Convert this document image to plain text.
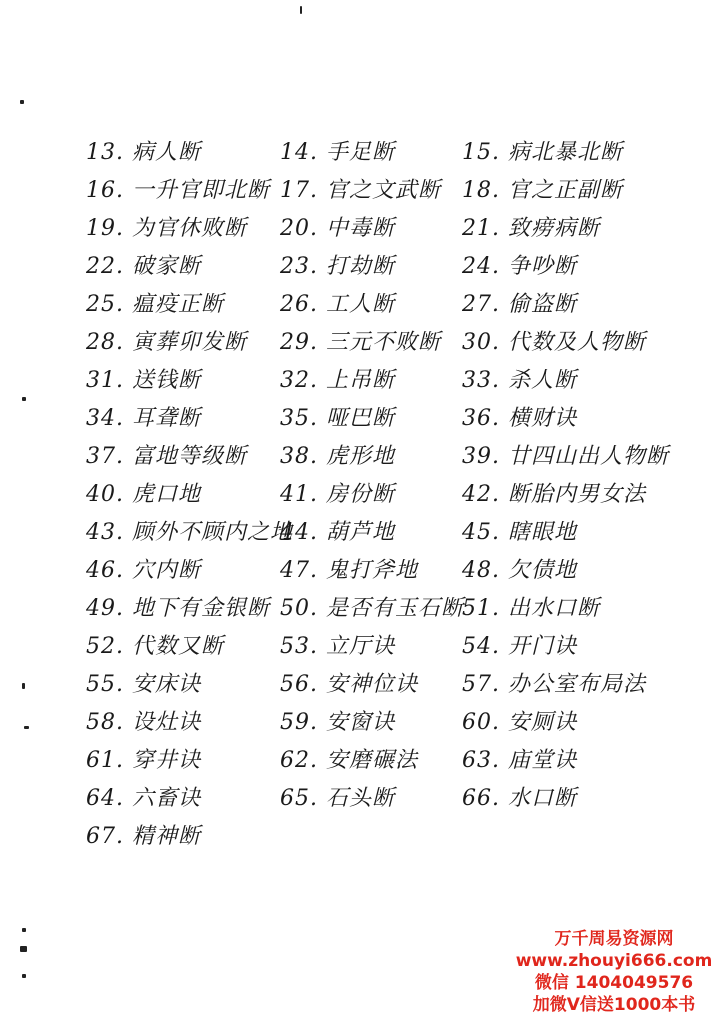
13. 病人断
16. 一升官即北断
19. 为官休败断
22. 破家断
25. 瘟疫正断
28. 寅葬卯发断
31. 送钱断
34. 耳聋断
37. 富地等级断
40. 虎口地
43. 顾外不顾内之地
46. 穴内断
49. 地下有金银断
52. 代数又断
55. 安床诀
58. 设灶诀
61. 穿井诀
64. 六畜诀
67. 精神断
14. 手足断
17. 官之文武断
20. 中毒断
23. 打劫断
26. 工人断
29. 三元不败断
32. 上吊断
35. 哑巴断
38. 虎形地
41. 房份断
44. 葫芦地
47. 鬼打斧地
50. 是否有玉石断
53. 立厅诀
56. 安神位诀
59. 安窗诀
62. 安磨碾法
65. 石头断
15. 病北暴北断
18. 官之正副断
21. 致痨病断
24. 争吵断
27. 偷盗断
30. 代数及人物断
33. 杀人断
36. 横财诀
39. 廿四山出人物断
42. 断胎内男女法
45. 瞎眼地
48. 欠债地
51. 出水口断
54. 开门诀
57. 办公室布局法
60. 安厕诀
63. 庙堂诀
66. 水口断
万千周易资源网
www.zhouyi666.com
微信 1404049576
加微V信送1000本书
